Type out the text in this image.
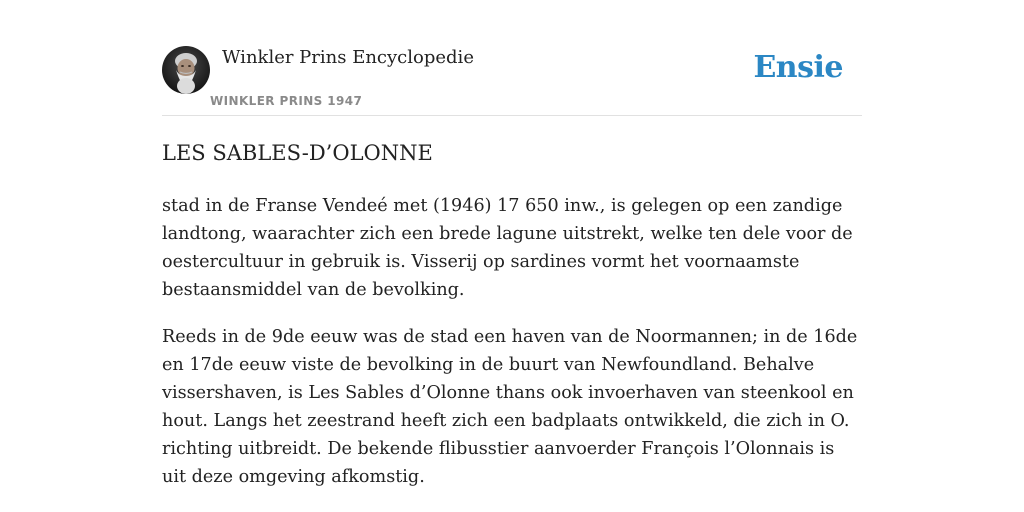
Winkler Prins Encyclopedie
WINKLER PRINS 1947
Ensie
LES SABLES-D’OLONNE

stad in de Franse Vendeé met (1946) 17 650 inw., is gelegen op een zandige landtong, waarachter zich een brede lagune uitstrekt, welke ten dele voor de oestercultuur in gebruik is. Visserij op sardines vormt het voornaamste bestaansmiddel van de bevolking.

Reeds in de 9de eeuw was de stad een haven van de Noormannen; in de 16de en 17de eeuw viste de bevolking in de buurt van Newfoundland. Behalve vissershaven, is Les Sables d’Olonne thans ook invoerhaven van steenkool en hout. Langs het zeestrand heeft zich een badplaats ontwikkeld, die zich in O. richting uitbreidt. De bekende flibusstier aanvoerder François l’Olonnais is uit deze omgeving afkomstig.
